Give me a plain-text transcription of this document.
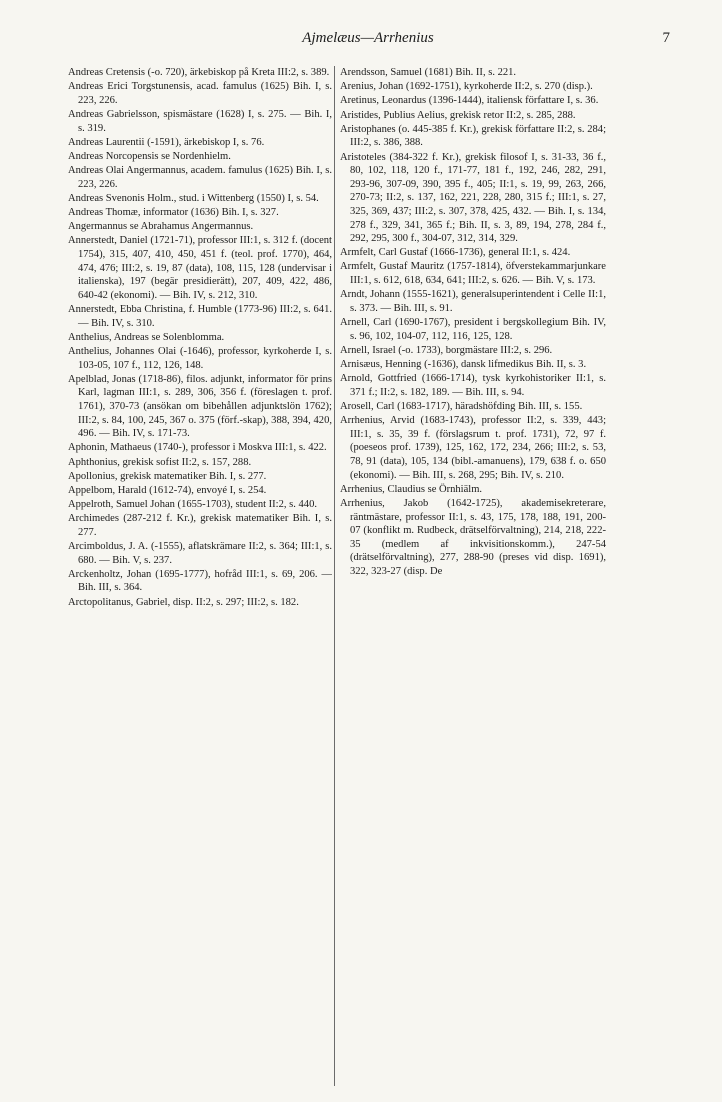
Ajmelæus—Arrhenius	7

Andreas Cretensis (-o. 720), ärkebiskop på Kreta III:2, s. 389.

Andreas Erici Torgstunensis, acad. famulus (1625) Bih. I, s. 223, 226.

Andreas Gabrielsson, spismästare (1628) I, s. 275. — Bih. I, s. 319.

Andreas Laurentii (-1591), ärkebiskop I, s. 76.

Andreas Norcopensis se Nordenhielm.

Andreas Olai Angermannus, academ. famulus (1625) Bih. I, s. 223, 226.

Andreas Svenonis Holm., stud. i Wittenberg (1550) I, s. 54.

Andreas Thomæ, informator (1636) Bih. I, s. 327.

Angermannus se Abrahamus Angermannus.

Annerstedt, Daniel (1721-71), professor III:1, s. 312 f. (docent 1754), 315, 407, 410, 450, 451 f. (teol. prof. 1770), 464, 474, 476; III:2, s. 19, 87 (data), 108, 115, 128 (undervisar i italienska), 197 (begär presidierätt), 207, 409, 422, 486, 640-42 (ekonomi). — Bih. IV, s. 212, 310.

Annerstedt, Ebba Christina, f. Humble (1773-96) III:2, s. 641. — Bih. IV, s. 310.

Anthelius, Andreas se Solenblomma.

Anthelius, Johannes Olai (-1646), professor, kyrkoherde I, s. 103-05, 107 f., 112, 126, 148.

Apelblad, Jonas (1718-86), filos. adjunkt, informator för prins Karl, lagman III:1, s. 289, 306, 356 f. (föreslagen t. prof. 1761), 370-73 (ansökan om bibehållen adjunktslön 1762); III:2, s. 84, 100, 245, 367 o. 375 (förf.-skap), 388, 394, 420, 496. — Bih. IV, s. 171-73.

Aphonin, Mathaeus (1740-), professor i Moskva III:1, s. 422.

Aphthonius, grekisk sofist II:2, s. 157, 288.

Apollonius, grekisk matematiker Bih. I, s. 277.

Appelbom, Harald (1612-74), envoyé I, s. 254.

Appelroth, Samuel Johan (1655-1703), student II:2, s. 440.

Archimedes (287-212 f. Kr.), grekisk matematiker Bih. I, s. 277.

Arcimboldus, J. A. (-1555), aflatskrämare II:2, s. 364; III:1, s. 680. — Bih. V, s. 237.

Arckenholtz, Johan (1695-1777), hofråd III:1, s. 69, 206. — Bih. III, s. 364.

Arctopolitanus, Gabriel, disp. II:2, s. 297; III:2, s. 182.

Arendsson, Samuel (1681) Bih. II, s. 221.

Arenius, Johan (1692-1751), kyrkoherde II:2, s. 270 (disp.).

Aretinus, Leonardus (1396-1444), italiensk författare I, s. 36.

Aristides, Publius Aelius, grekisk retor II:2, s. 285, 288.

Aristophanes (o. 445-385 f. Kr.), grekisk författare II:2, s. 284; III:2, s. 386, 388.

Aristoteles (384-322 f. Kr.), grekisk filosof I, s. 31-33, 36 f., 80, 102, 118, 120 f., 171-77, 181 f., 192, 246, 282, 291, 293-96, 307-09, 390, 395 f., 405; II:1, s. 19, 99, 263, 266, 270-73; II:2, s. 137, 162, 221, 228, 280, 315 f.; III:1, s. 27, 325, 369, 437; III:2, s. 307, 378, 425, 432. — Bih. I, s. 134, 278 f., 329, 341, 365 f.; Bih. II, s. 3, 89, 194, 278, 284 f., 292, 295, 300 f., 304-07, 312, 314, 329.

Armfelt, Carl Gustaf (1666-1736), general II:1, s. 424.

Armfelt, Gustaf Mauritz (1757-1814), öfverstekammarjunkare III:1, s. 612, 618, 634, 641; III:2, s. 626. — Bih. V, s. 173.

Arndt, Johann (1555-1621), generalsuperintendent i Celle II:1, s. 373. — Bih. III, s. 91.

Arnell, Carl (1690-1767), president i bergskollegium Bih. IV, s. 96, 102, 104-07, 112, 116, 125, 128.

Arnell, Israel (-o. 1733), borgmästare III:2, s. 296.

Arnisæus, Henning (-1636), dansk lifmedikus Bih. II, s. 3.

Arnold, Gottfried (1666-1714), tysk kyrkohistoriker II:1, s. 371 f.; II:2, s. 182, 189. — Bih. III, s. 94.

Arosell, Carl (1683-1717), häradshöfding Bih. III, s. 155.

Arrhenius, Arvid (1683-1743), professor II:2, s. 339, 443; III:1, s. 35, 39 f. (förslagsrum t. prof. 1731), 72, 97 f. (poeseos prof. 1739), 125, 162, 172, 234, 266; III:2, s. 53, 78, 91 (data), 105, 134 (bibl.-amanuens), 179, 638 f. o. 650 (ekonomi). — Bih. III, s. 268, 295; Bih. IV, s. 210.

Arrhenius, Claudius se Örnhiälm.

Arrhenius, Jakob (1642-1725), akademisekreterare, räntmästare, professor II:1, s. 43, 175, 178, 188, 191, 200-07 (konflikt m. Rudbeck, drätselförvaltning), 214, 218, 222-35 (medlem af inkvisitionskomm.), 247-54 (drätselförvaltning), 277, 288-90 (preses vid disp. 1691), 322, 323-27 (disp. De
